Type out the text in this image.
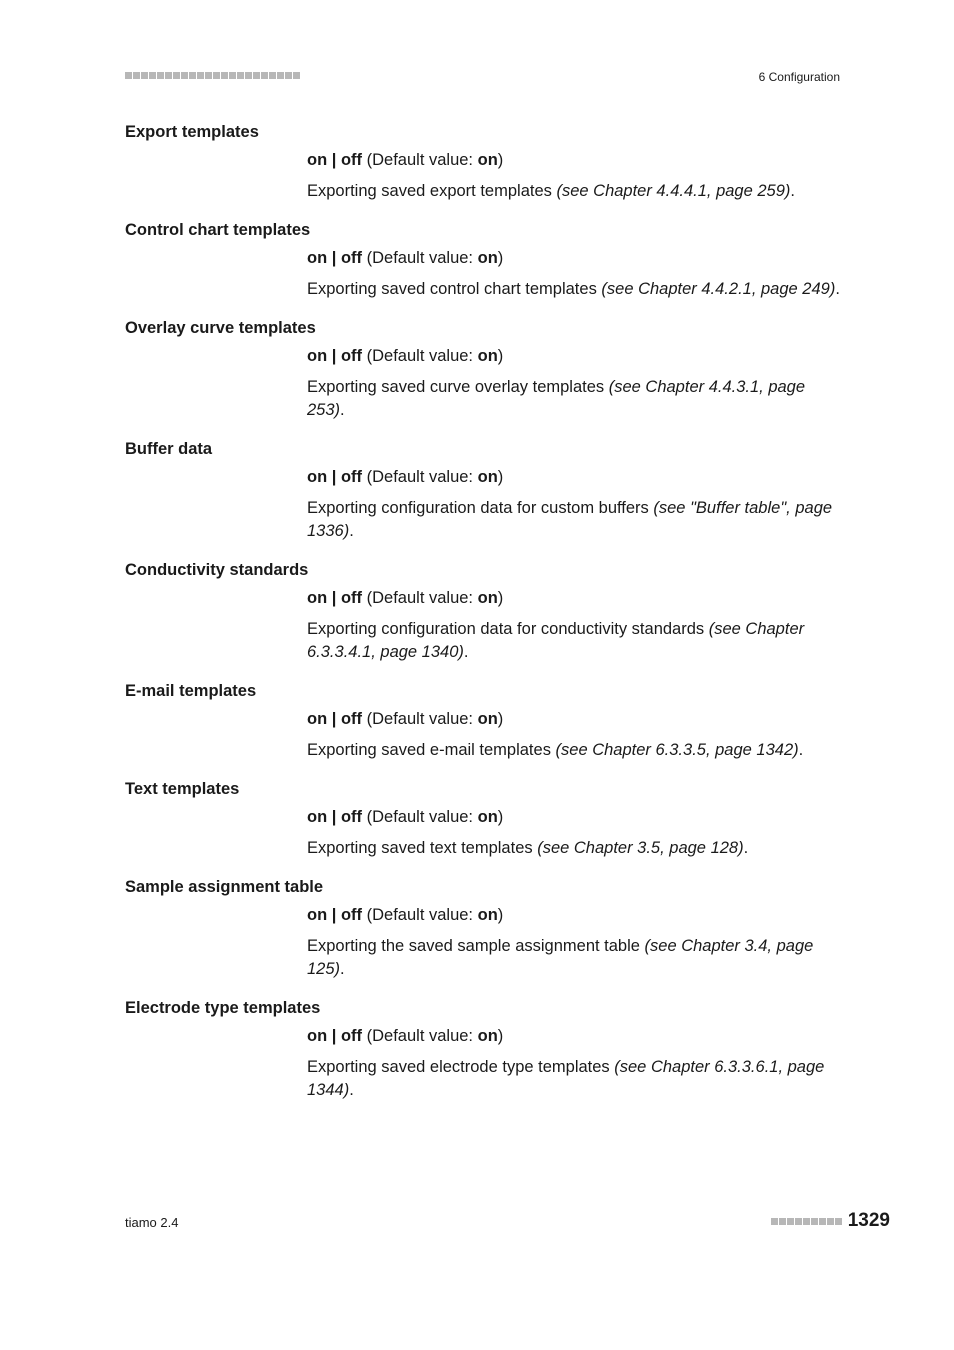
6 Configuration

Export templates

on | off (Default value: on)

Exporting saved export templates (see Chapter 4.4.4.1, page 259).

Control chart templates

on | off (Default value: on)

Exporting saved control chart templates (see Chapter 4.4.2.1, page 249).

Overlay curve templates

on | off (Default value: on)

Exporting saved curve overlay templates (see Chapter 4.4.3.1, page 253).

Buffer data

on | off (Default value: on)

Exporting configuration data for custom buffers (see "Buffer table", page 1336).

Conductivity standards

on | off (Default value: on)

Exporting configuration data for conductivity standards (see Chapter 6.3.3.4.1, page 1340).

E-mail templates

on | off (Default value: on)

Exporting saved e-mail templates (see Chapter 6.3.3.5, page 1342).

Text templates

on | off (Default value: on)

Exporting saved text templates (see Chapter 3.5, page 128).

Sample assignment table

on | off (Default value: on)

Exporting the saved sample assignment table (see Chapter 3.4, page 125).

Electrode type templates

on | off (Default value: on)

Exporting saved electrode type templates (see Chapter 6.3.3.6.1, page 1344).

tiamo 2.4	1329
